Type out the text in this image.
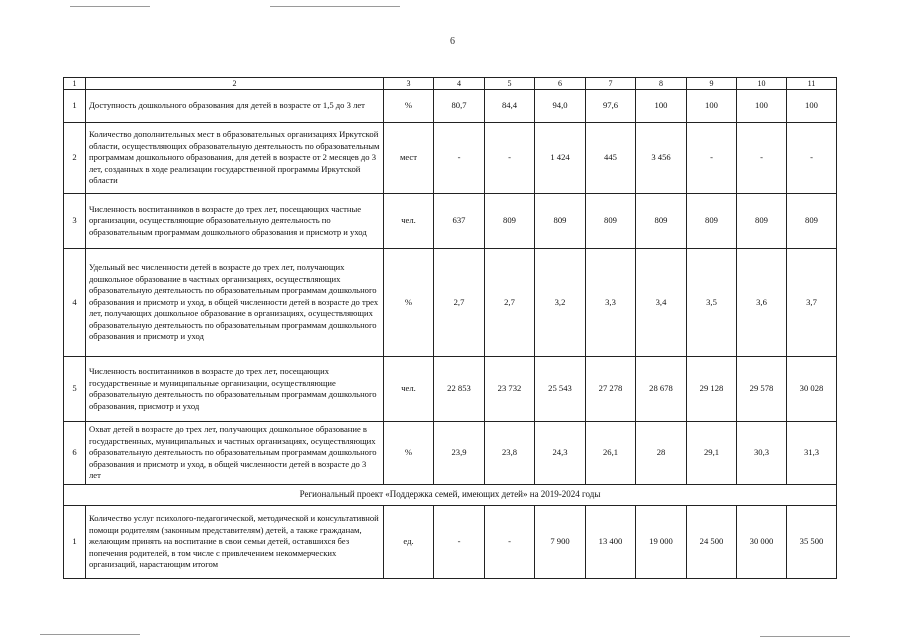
6
1	2	3	4	5	6	7	8	9	10	11
1	Доступность дошкольного образования для детей в возрасте от 1,5 до 3 лет	%	80,7	84,4	94,0	97,6	100	100	100	100
2	Количество дополнительных мест в образовательных организациях Иркутской области, осуществляющих образовательную деятельность по образовательным программам дошкольного образования, для детей в возрасте от 2 месяцев до 3 лет, созданных в ходе реализации государственной программы Иркутской области	мест	-	-	1 424	445	3 456	-	-	-
3	Численность воспитанников в возрасте до трех лет, посещающих частные организации, осуществляющие образовательную деятельность по образовательным программам дошкольного образования и присмотр и уход	чел.	637	809	809	809	809	809	809	809
4	Удельный вес численности детей в возрасте до трех лет, получающих дошкольное образование в частных организациях, осуществляющих образовательную деятельность по образовательным программам дошкольного образования и присмотр и уход, в общей численности детей в возрасте до трех лет, получающих дошкольное образование в организациях, осуществляющих образовательную деятельность по образовательным программам дошкольного образования и присмотр и уход	%	2,7	2,7	3,2	3,3	3,4	3,5	3,6	3,7
5	Численность воспитанников в возрасте до трех лет, посещающих государственные и муниципальные организации, осуществляющие образовательную деятельность по образовательным программам дошкольного образования, присмотр и уход	чел.	22 853	23 732	25 543	27 278	28 678	29 128	29 578	30 028
6	Охват детей в возрасте до трех лет, получающих дошкольное образование в государственных, муниципальных и частных организациях, осуществляющих образовательную деятельность по образовательным программам дошкольного образования и присмотр и уход, в общей численности детей в возрасте до 3 лет	%	23,9	23,8	24,3	26,1	28	29,1	30,3	31,3
Региональный проект «Поддержка семей, имеющих детей» на 2019-2024 годы										
1	Количество услуг психолого-педагогической, методической и консультативной помощи родителям (законным представителям) детей, а также гражданам, желающим принять на воспитание в свои семьи детей, оставшихся без попечения родителей, в том числе с привлечением некоммерческих организаций, нарастающим итогом	ед.	-	-	7 900	13 400	19 000	24 500	30 000	35 500
